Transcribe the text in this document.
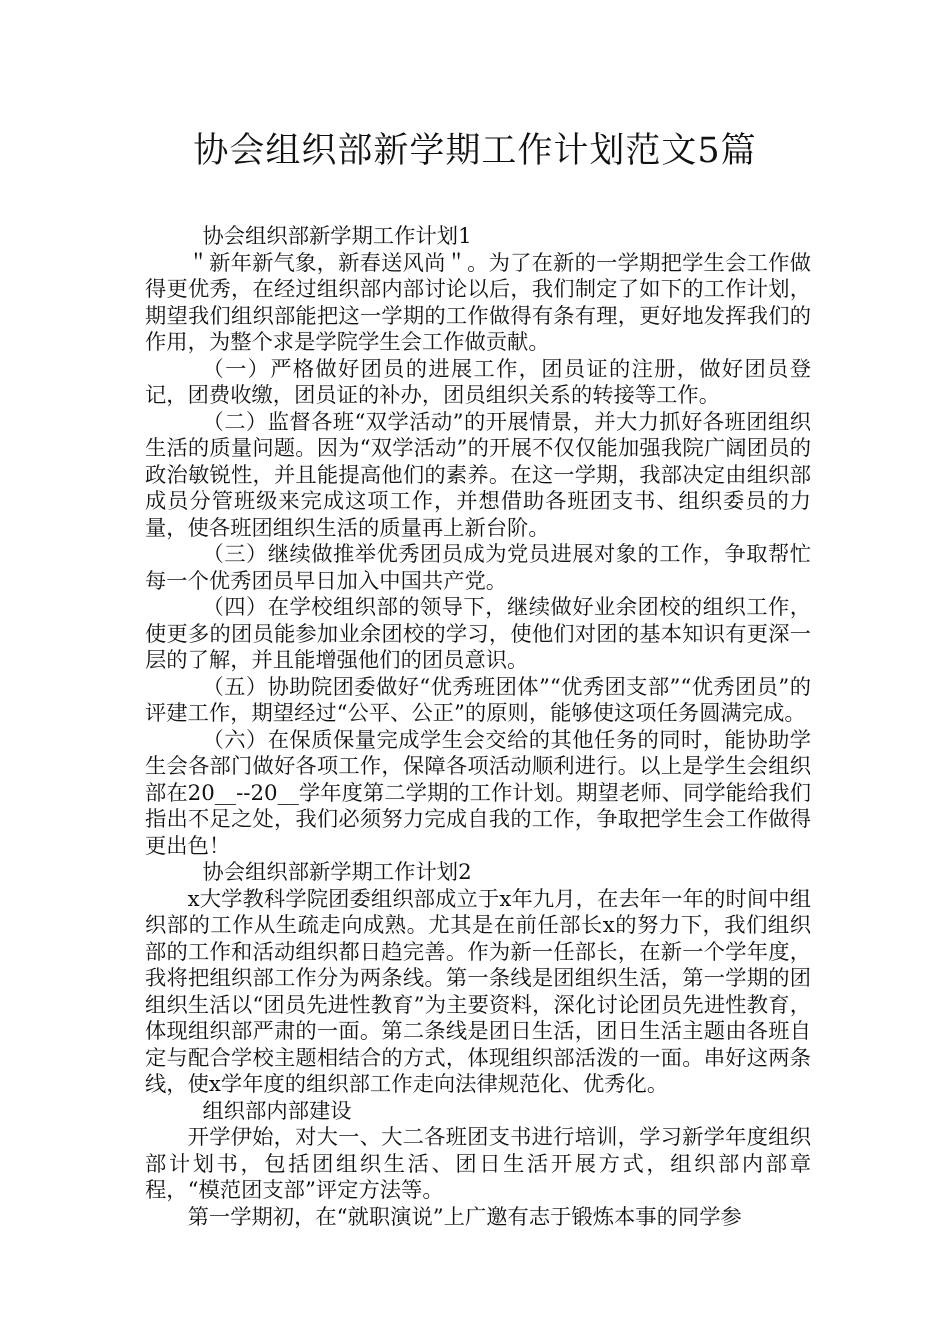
协会组织部新学期工作计划范文5篇

协会组织部新学期工作计划1

＂新年新气象，新春送风尚＂。为了在新的一学期把学生会工作做得更优秀，在经过组织部内部讨论以后，我们制定了如下的工作计划，期望我们组织部能把这一学期的工作做得有条有理，更好地发挥我们的作用，为整个求是学院学生会工作做贡献。

（一）严格做好团员的进展工作，团员证的注册，做好团员登记，团费收缴，团员证的补办，团员组织关系的转接等工作。

（二）监督各班“双学活动”的开展情景，并大力抓好各班团组织生活的质量问题。因为“双学活动”的开展不仅仅能加强我院广阔团员的政治敏锐性，并且能提高他们的素养。在这一学期，我部决定由组织部成员分管班级来完成这项工作，并想借助各班团支书、组织委员的力量，使各班团组织生活的质量再上新台阶。

（三）继续做推举优秀团员成为党员进展对象的工作，争取帮忙每一个优秀团员早日加入中国共产党。

（四）在学校组织部的领导下，继续做好业余团校的组织工作，使更多的团员能参加业余团校的学习，使他们对团的基本知识有更深一层的了解，并且能增强他们的团员意识。

（五）协助院团委做好“优秀班团体”“优秀团支部”“优秀团员”的评建工作，期望经过“公平、公正”的原则，能够使这项任务圆满完成。

（六）在保质保量完成学生会交给的其他任务的同时，能协助学生会各部门做好各项工作，保障各项活动顺利进行。以上是学生会组织部在20__--20__学年度第二学期的工作计划。期望老师、同学能给我们指出不足之处，我们必须努力完成自我的工作，争取把学生会工作做得更出色！

协会组织部新学期工作计划2

x大学教科学院团委组织部成立于x年九月，在去年一年的时间中组织部的工作从生疏走向成熟。尤其是在前任部长x的努力下，我们组织部的工作和活动组织都日趋完善。作为新一任部长，在新一个学年度，我将把组织部工作分为两条线。第一条线是团组织生活，第一学期的团组织生活以“团员先进性教育”为主要资料，深化讨论团员先进性教育，体现组织部严肃的一面。第二条线是团日生活，团日生活主题由各班自定与配合学校主题相结合的方式，体现组织部活泼的一面。串好这两条线，使x学年度的组织部工作走向法律规范化、优秀化。

组织部内部建设

开学伊始，对大一、大二各班团支书进行培训，学习新学年度组织部计划书，包括团组织生活、团日生活开展方式，组织部内部章程，“模范团支部”评定方法等。

第一学期初，在“就职演说”上广邀有志于锻炼本事的同学参
